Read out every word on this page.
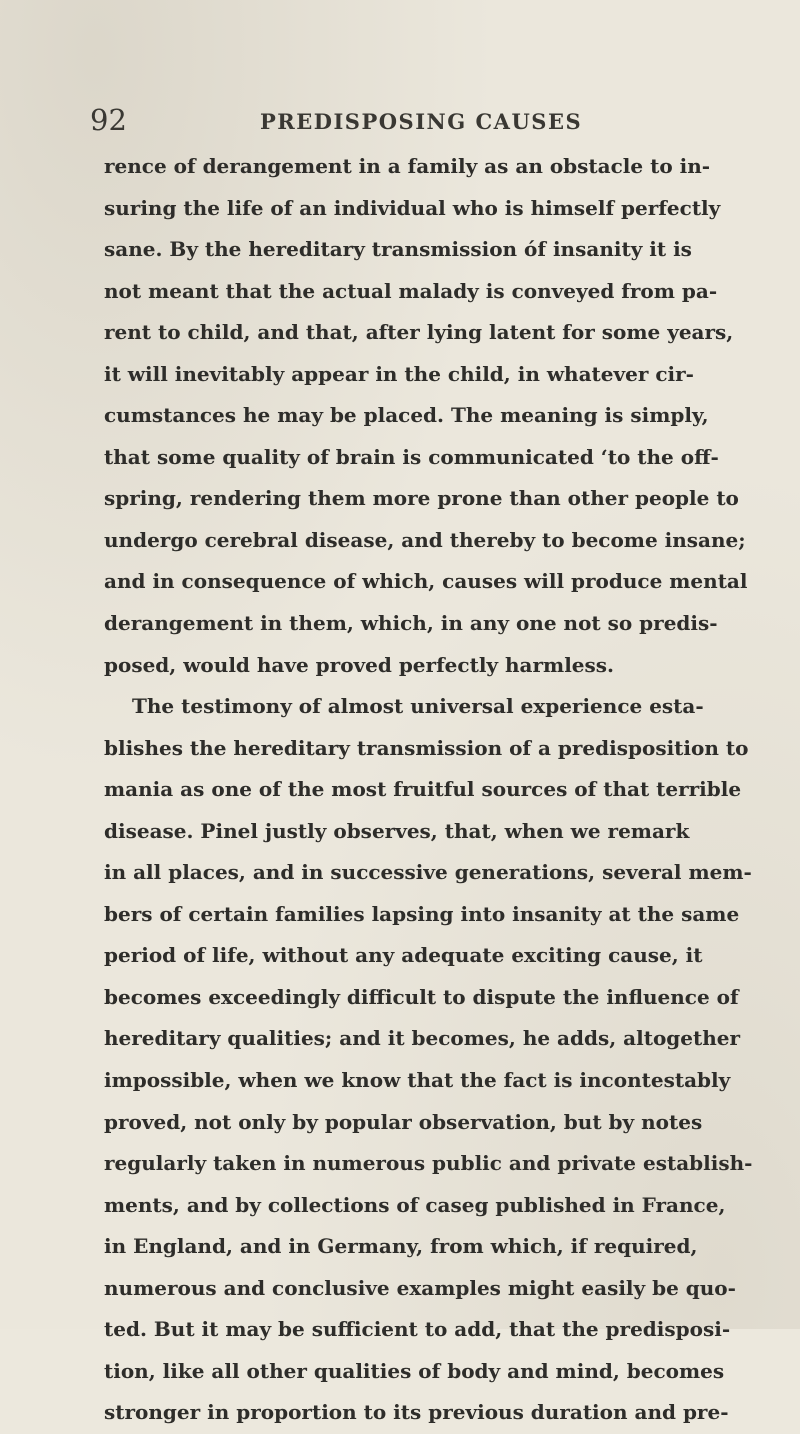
92	PREDISPOSING CAUSES
rence of derangement in a family as an obstacle to in-
suring the life of an individual who is himself perfectly
sane. By the hereditary transmission óf insanity it is
not meant that the actual malady is conveyed from pa-
rent to child, and that, after lying latent for some years,
it will inevitably appear in the child, in whatever cir-
cumstances he may be placed. The meaning is simply,
that some quality of brain is communicated ‘to the off-
spring, rendering them more prone than other people to
undergo cerebral disease, and thereby to become insane;
and in consequence of which, causes will produce mental
derangement in them, which, in any one not so predis-
posed, would have proved perfectly harmless.
The testimony of almost universal experience esta-
blishes the hereditary transmission of a predisposition to
mania as one of the most fruitful sources of that terrible
disease. Pinel justly observes, that, when we remark
in all places, and in successive generations, several mem-
bers of certain families lapsing into insanity at the same
period of life, without any adequate exciting cause, it
becomes exceedingly difficult to dispute the influence of
hereditary qualities; and it becomes, he adds, altogether
impossible, when we know that the fact is incontestably
proved, not only by popular observation, but by notes
regularly taken in numerous public and private establish-
ments, and by collections of caseg published in France,
in England, and in Germany, from which, if required,
numerous and conclusive examples might easily be quo-
ted. But it may be sufficient to add, that the predisposi-
tion, like all other qualities of body and mind, becomes
stronger in proportion to its previous duration and pre-
